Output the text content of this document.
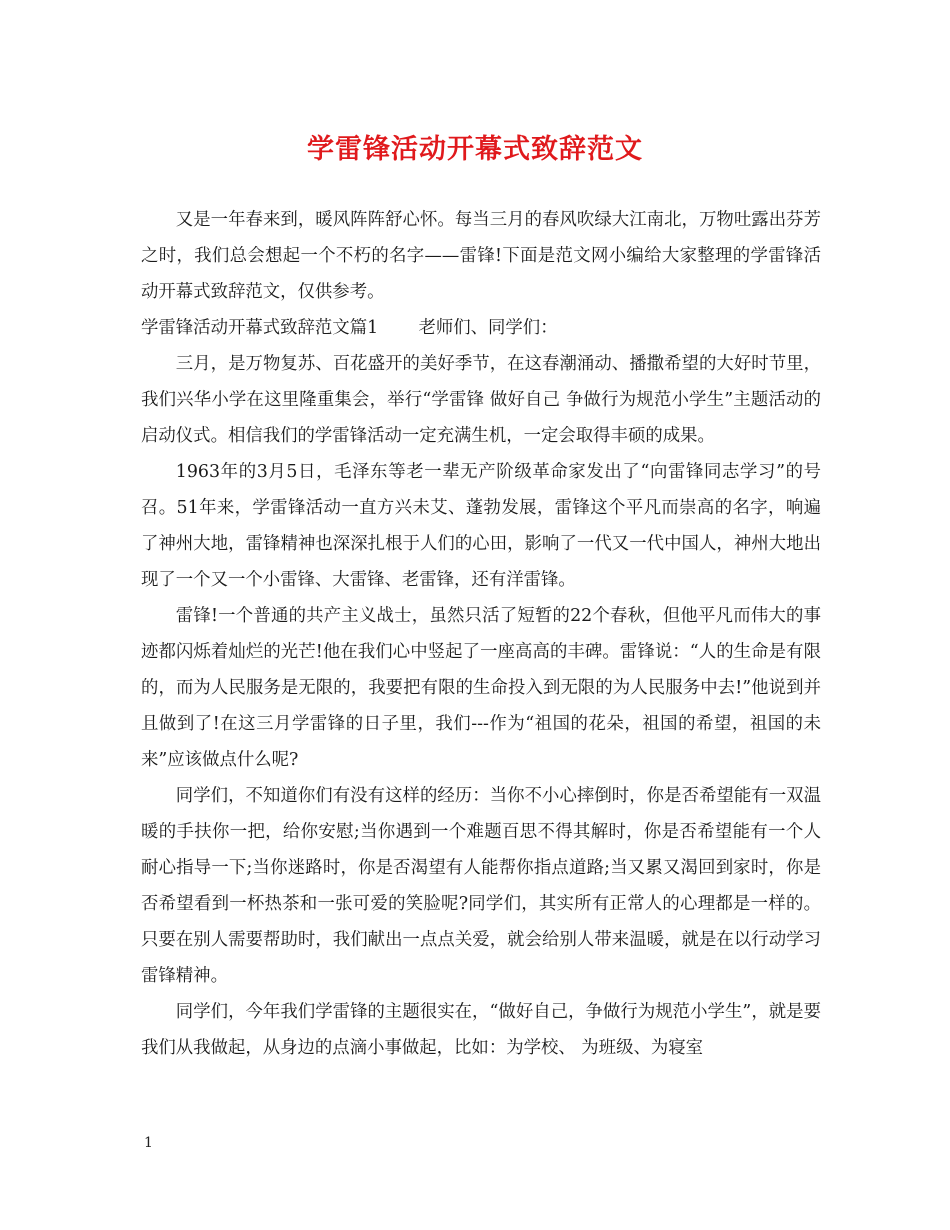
学雷锋活动开幕式致辞范文

又是一年春来到，暖风阵阵舒心怀。每当三月的春风吹绿大江南北，万物吐露出芬芳之时，我们总会想起一个不朽的名字——雷锋!下面是范文网小编给大家整理的学雷锋活动开幕式致辞范文，仅供参考。

学雷锋活动开幕式致辞范文篇1　　 老师们、同学们：

三月，是万物复苏、百花盛开的美好季节，在这春潮涌动、播撒希望的大好时节里，我们兴华小学在这里隆重集会，举行“学雷锋 做好自己 争做行为规范小学生”主题活动的启动仪式。相信我们的学雷锋活动一定充满生机，一定会取得丰硕的成果。

1963年的3月5日，毛泽东等老一辈无产阶级革命家发出了“向雷锋同志学习”的号召。51年来，学雷锋活动一直方兴未艾、蓬勃发展，雷锋这个平凡而崇高的名字，响遍了神州大地，雷锋精神也深深扎根于人们的心田，影响了一代又一代中国人，神州大地出现了一个又一个小雷锋、大雷锋、老雷锋，还有洋雷锋。

雷锋!一个普通的共产主义战士，虽然只活了短暂的22个春秋，但他平凡而伟大的事迹都闪烁着灿烂的光芒!他在我们心中竖起了一座高高的丰碑。雷锋说：“人的生命是有限的，而为人民服务是无限的，我要把有限的生命投入到无限的为人民服务中去!”他说到并且做到了!在这三月学雷锋的日子里，我们---作为“祖国的花朵，祖国的希望，祖国的未来”应该做点什么呢?

同学们，不知道你们有没有这样的经历：当你不小心摔倒时，你是否希望能有一双温暖的手扶你一把，给你安慰;当你遇到一个难题百思不得其解时，你是否希望能有一个人耐心指导一下;当你迷路时，你是否渴望有人能帮你指点道路;当又累又渴回到家时，你是否希望看到一杯热茶和一张可爱的笑脸呢?同学们，其实所有正常人的心理都是一样的。只要在别人需要帮助时，我们献出一点点关爱，就会给别人带来温暖，就是在以行动学习雷锋精神。

同学们，今年我们学雷锋的主题很实在，“做好自己，争做行为规范小学生”，就是要我们从我做起，从身边的点滴小事做起，比如：为学校、 为班级、为寝室

1
